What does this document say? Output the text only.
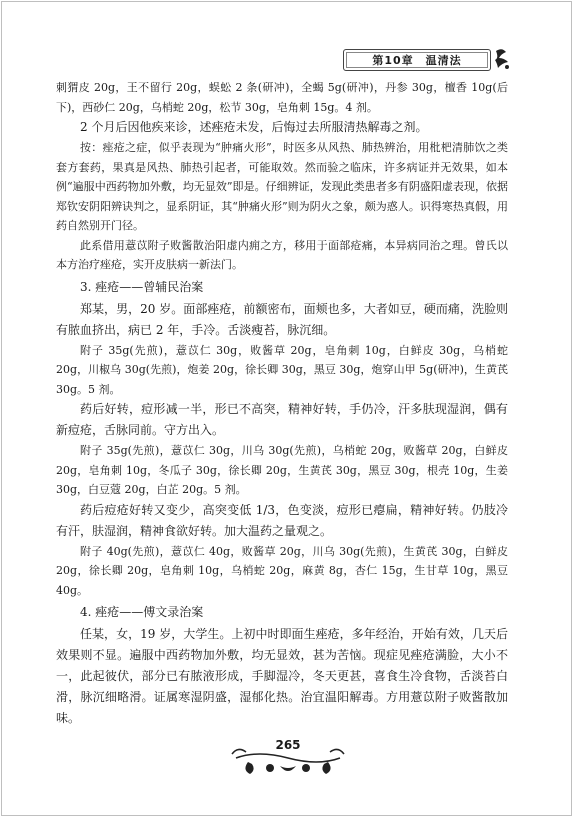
第10章 温清法

刺猬皮 20g，王不留行 20g，蜈蚣 2 条(研冲)，全蝎 5g(研冲)，丹参 30g，檀香 10g(后下)，西砂仁 20g，乌梢蛇 20g，松节 30g，皂角刺 15g。4 剂。

2 个月后因他疾来诊，述痤疮未发，后悔过去所服清热解毒之剂。

按：痤疮之症，似乎表现为“肿痛火形”，时医多从风热、肺热辨治，用枇杷清肺饮之类套方套药，果真是风热、肺热引起者，可能取效。然而验之临床，许多病证并无效果，如本例“遍服中西药物加外敷，均无显效”即是。仔细辨证，发现此类患者多有阴盛阳虚表现，依据郑钦安阴阳辨诀判之，显系阴证，其“肿痛火形”则为阴火之象，颇为惑人。识得寒热真假，用药自然别开门径。

此系借用薏苡附子败酱散治阳虚内痈之方，移用于面部疮痛，本异病同治之理。曾氏以本方治疗痤疮，实开皮肤病一新法门。

3. 痤疮——曾辅民治案

郑某，男，20 岁。面部痤疮，前额密布，面颊也多，大者如豆，硬而痛，洗脸则有脓血挤出，病已 2 年，手冷。舌淡瘦苔，脉沉细。

附子 35g(先煎)，薏苡仁 30g，败酱草 20g，皂角刺 10g，白鲜皮 30g，乌梢蛇 20g，川椒乌 30g(先煎)，炮姜 20g，徐长卿 30g，黑豆 30g，炮穿山甲 5g(研冲)，生黄芪 30g。5 剂。

药后好转，痘形减一半，形已不高突，精神好转，手仍冷，汗多肤现湿润，偶有新痘疮，舌脉同前。守方出入。

附子 35g(先煎)，薏苡仁 30g，川乌 30g(先煎)，乌梢蛇 20g，败酱草 20g，白鲜皮 20g，皂角刺 10g，冬瓜子 30g，徐长卿 20g，生黄芪 30g，黑豆 30g，根壳 10g，生姜 30g，白豆蔻 20g，白芷 20g。5 剂。

药后痘疮好转又变少，高突变低 1/3，色变淡，痘形已瘪扁，精神好转。仍肢冷有汗，肤湿润，精神食欲好转。加大温药之量观之。

附子 40g(先煎)，薏苡仁 40g，败酱草 20g，川乌 30g(先煎)，生黄芪 30g，白鲜皮 20g，徐长卿 20g，皂角刺 10g，乌梢蛇 20g，麻黄 8g，杏仁 15g，生甘草 10g，黑豆 40g。

4. 痤疮——傅文录治案

任某，女，19 岁，大学生。上初中时即面生痤疮，多年经治，开始有效，几天后效果则不显。遍服中西药物加外敷，均无显效，甚为苦恼。现症见痤疮满脸，大小不一，此起彼伏，部分已有脓液形成，手脚湿冷，冬天更甚，喜食生冷食物，舌淡苔白滑，脉沉细略滑。证属寒湿阴盛，湿郁化热。治宜温阳解毒。方用薏苡附子败酱散加味。

265
